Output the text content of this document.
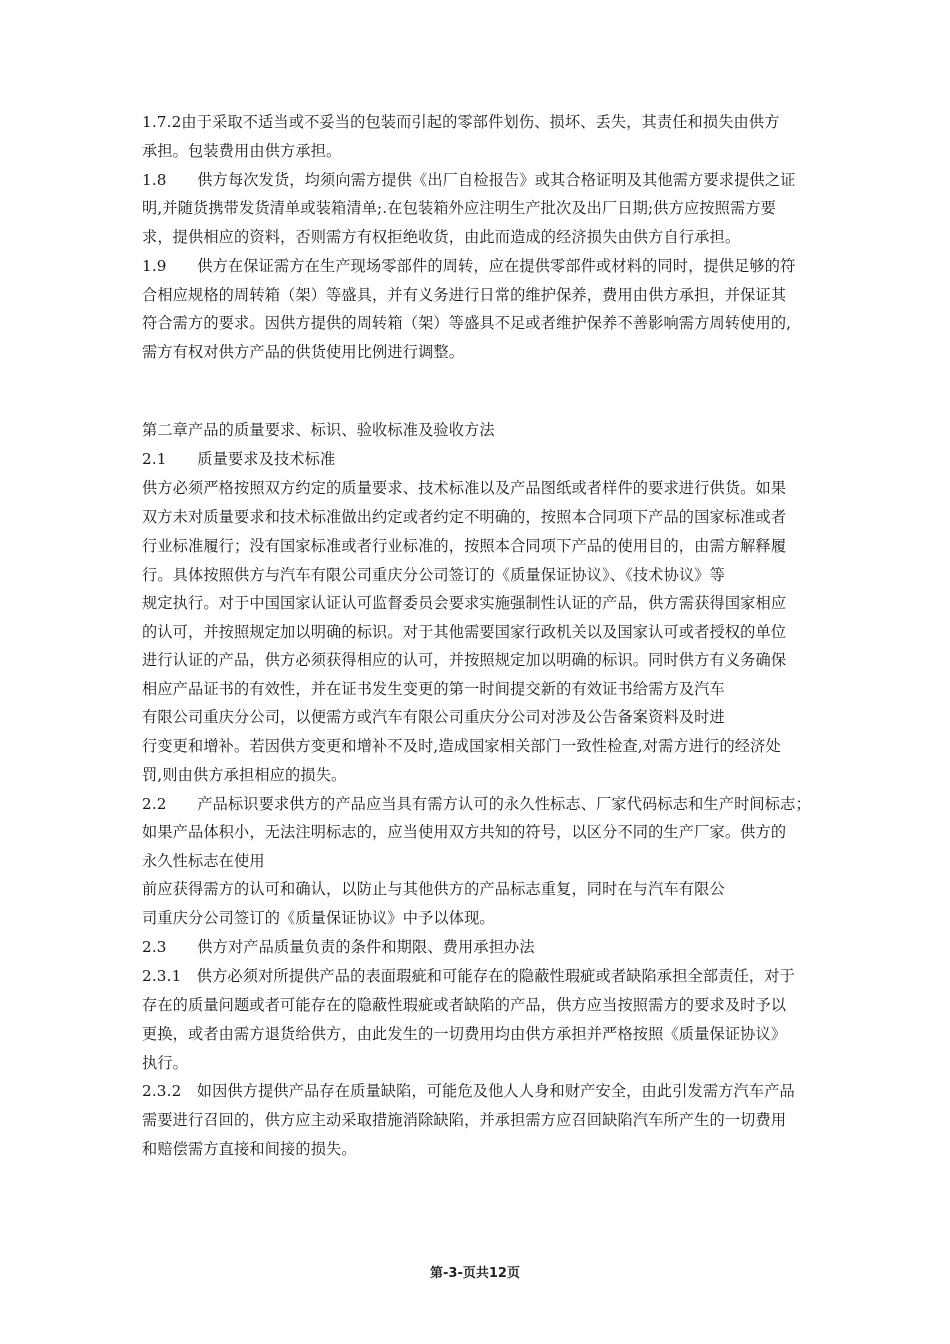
1.7.2由于采取不适当或不妥当的包装而引起的零部件划伤、损坏、丢失，其责任和损失由供方
承担。包装费用由供方承担。
1.8　　供方每次发货，均须向需方提供《出厂自检报告》或其合格证明及其他需方要求提供之证
明,并随货携带发货清单或装箱清单;.在包装箱外应注明生产批次及出厂日期;供方应按照需方要
求，提供相应的资料，否则需方有权拒绝收货，由此而造成的经济损失由供方自行承担。
1.9　　供方在保证需方在生产现场零部件的周转，应在提供零部件或材料的同时，提供足够的符
合相应规格的周转箱（架）等盛具，并有义务进行日常的维护保养，费用由供方承担，并保证其
符合需方的要求。因供方提供的周转箱（架）等盛具不足或者维护保养不善影响需方周转使用的,
需方有权对供方产品的供货使用比例进行调整。
第二章产品的质量要求、标识、验收标准及验收方法
2.1　　质量要求及技术标准
供方必须严格按照双方约定的质量要求、技术标准以及产品图纸或者样件的要求进行供货。如果
双方未对质量要求和技术标准做出约定或者约定不明确的，按照本合同项下产品的国家标准或者
行业标准履行；没有国家标准或者行业标准的，按照本合同项下产品的使用目的，由需方解释履
行。具体按照供方与汽车有限公司重庆分公司签订的《质量保证协议》、《技术协议》等
规定执行。对于中国国家认证认可监督委员会要求实施强制性认证的产品，供方需获得国家相应
的认可，并按照规定加以明确的标识。对于其他需要国家行政机关以及国家认可或者授权的单位
进行认证的产品，供方必须获得相应的认可，并按照规定加以明确的标识。同时供方有义务确保
相应产品证书的有效性，并在证书发生变更的第一时间提交新的有效证书给需方及汽车
有限公司重庆分公司，以便需方或汽车有限公司重庆分公司对涉及公告备案资料及时进
行变更和增补。若因供方变更和增补不及时,造成国家相关部门一致性检查,对需方进行的经济处
罚,则由供方承担相应的损失。
2.2　　产品标识要求供方的产品应当具有需方认可的永久性标志、厂家代码标志和生产时间标志；
如果产品体积小，无法注明标志的，应当使用双方共知的符号，以区分不同的生产厂家。供方的
永久性标志在使用
前应获得需方的认可和确认，以防止与其他供方的产品标志重复，同时在与汽车有限公
司重庆分公司签订的《质量保证协议》中予以体现。
2.3　　供方对产品质量负责的条件和期限、费用承担办法
2.3.1　供方必须对所提供产品的表面瑕疵和可能存在的隐蔽性瑕疵或者缺陷承担全部责任，对于
存在的质量问题或者可能存在的隐蔽性瑕疵或者缺陷的产品，供方应当按照需方的要求及时予以
更换，或者由需方退货给供方，由此发生的一切费用均由供方承担并严格按照《质量保证协议》
执行。
2.3.2　如因供方提供产品存在质量缺陷，可能危及他人人身和财产安全，由此引发需方汽车产品
需要进行召回的，供方应主动采取措施消除缺陷，并承担需方应召回缺陷汽车所产生的一切费用
和赔偿需方直接和间接的损失。
第-3-页共12页
